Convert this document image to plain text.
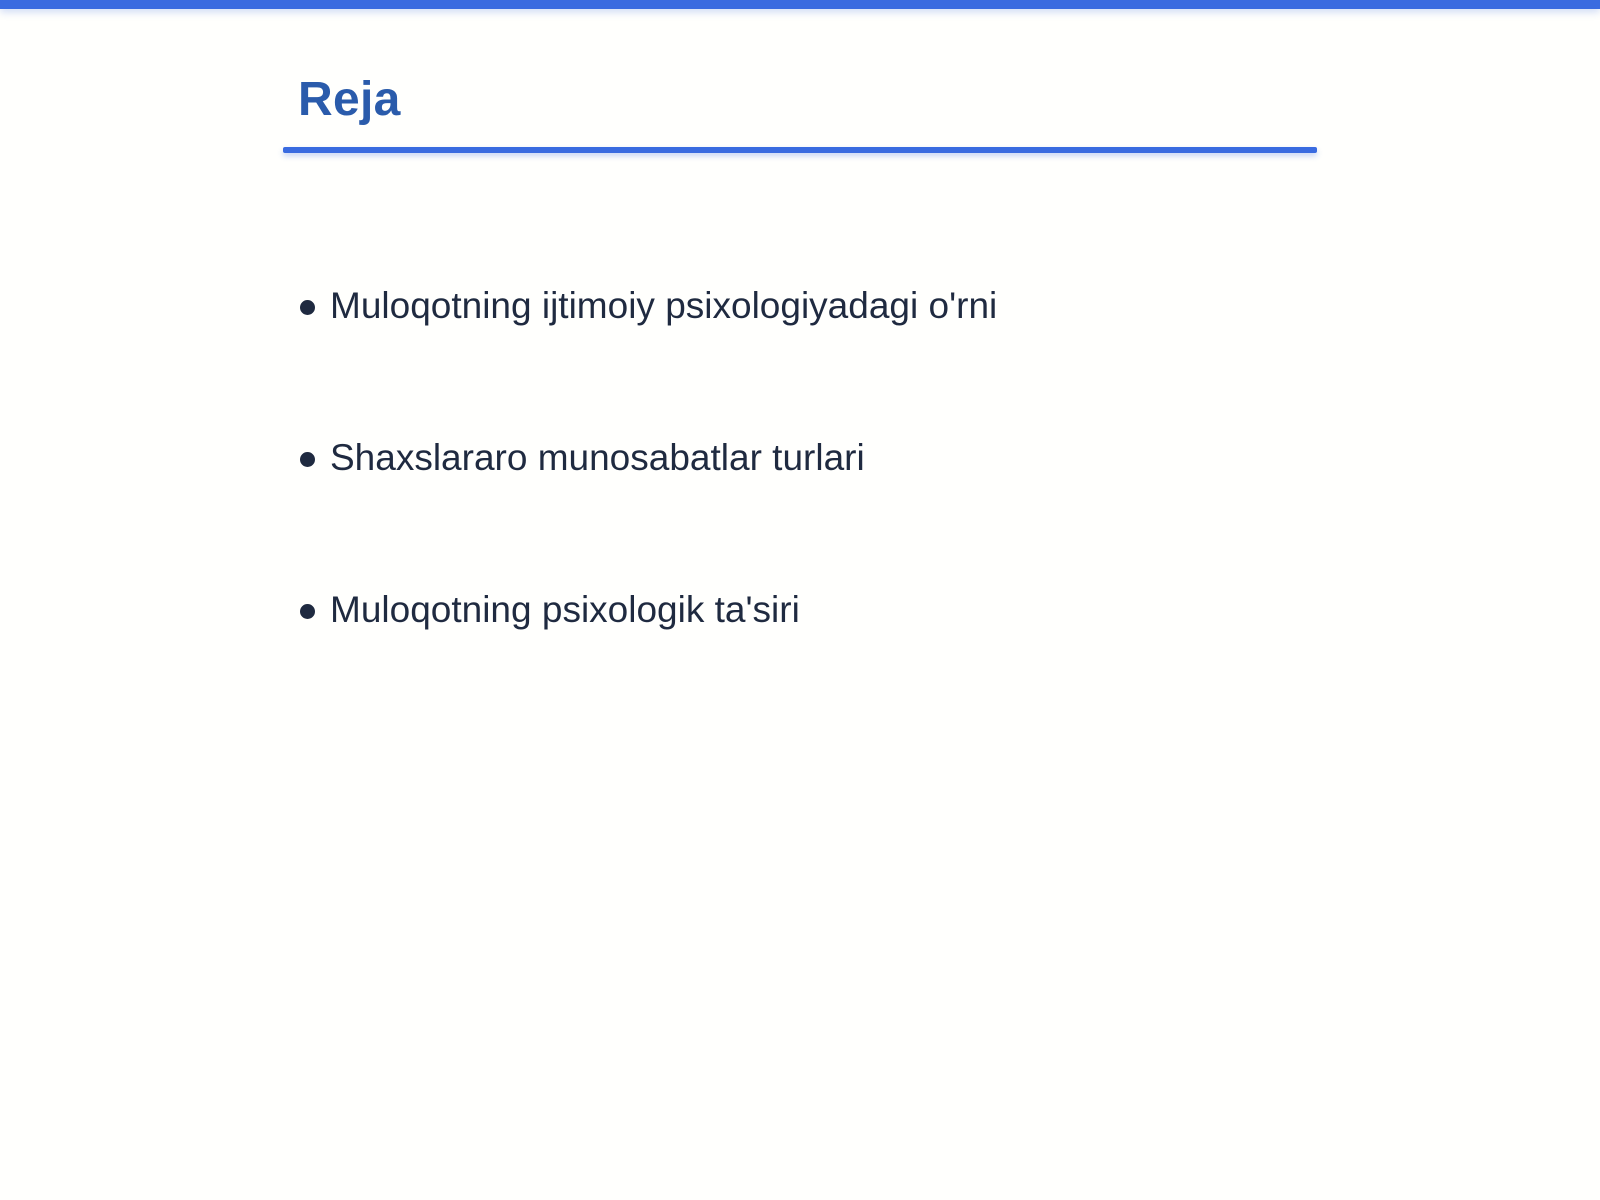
Reja
Muloqotning ijtimoiy psixologiyadagi o'rni
Shaxslararo munosabatlar turlari
Muloqotning psixologik ta'siri
